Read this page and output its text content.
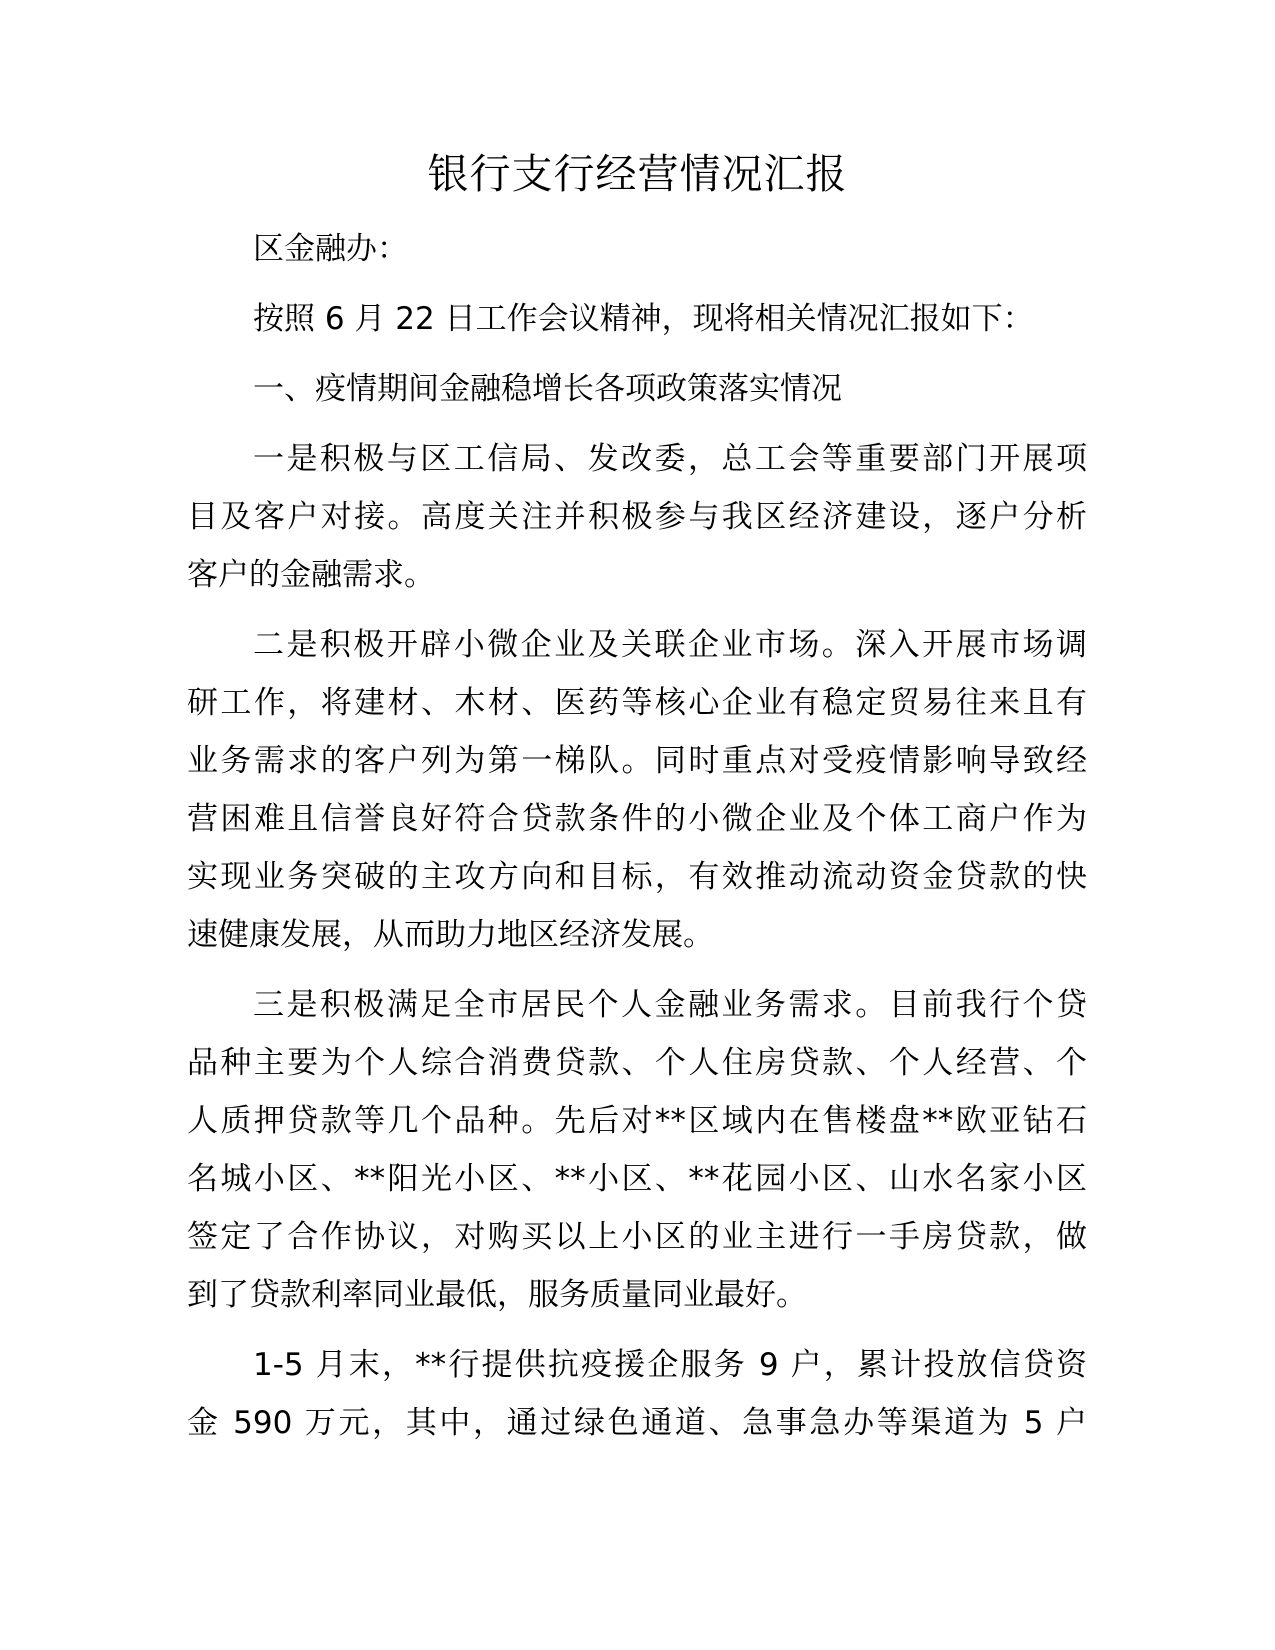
银行支行经营情况汇报
区金融办：
按照 6 月 22 日工作会议精神，现将相关情况汇报如下：
一、疫情期间金融稳增长各项政策落实情况
一是积极与区工信局、发改委，总工会等重要部门开展项
目及客户对接。高度关注并积极参与我区经济建设，逐户分析
客户的金融需求。
二是积极开辟小微企业及关联企业市场。深入开展市场调
研工作，将建材、木材、医药等核心企业有稳定贸易往来且有
业务需求的客户列为第一梯队。同时重点对受疫情影响导致经
营困难且信誉良好符合贷款条件的小微企业及个体工商户作为
实现业务突破的主攻方向和目标，有效推动流动资金贷款的快
速健康发展，从而助力地区经济发展。
三是积极满足全市居民个人金融业务需求。目前我行个贷
品种主要为个人综合消费贷款、个人住房贷款、个人经营、个
人质押贷款等几个品种。先后对**区域内在售楼盘**欧亚钻石
名城小区、**阳光小区、**小区、**花园小区、山水名家小区
签定了合作协议，对购买以上小区的业主进行一手房贷款，做
到了贷款利率同业最低，服务质量同业最好。
1-5 月末，**行提供抗疫援企服务 9 户，累计投放信贷资
金 590 万元，其中，通过绿色通道、急事急办等渠道为 5 户
